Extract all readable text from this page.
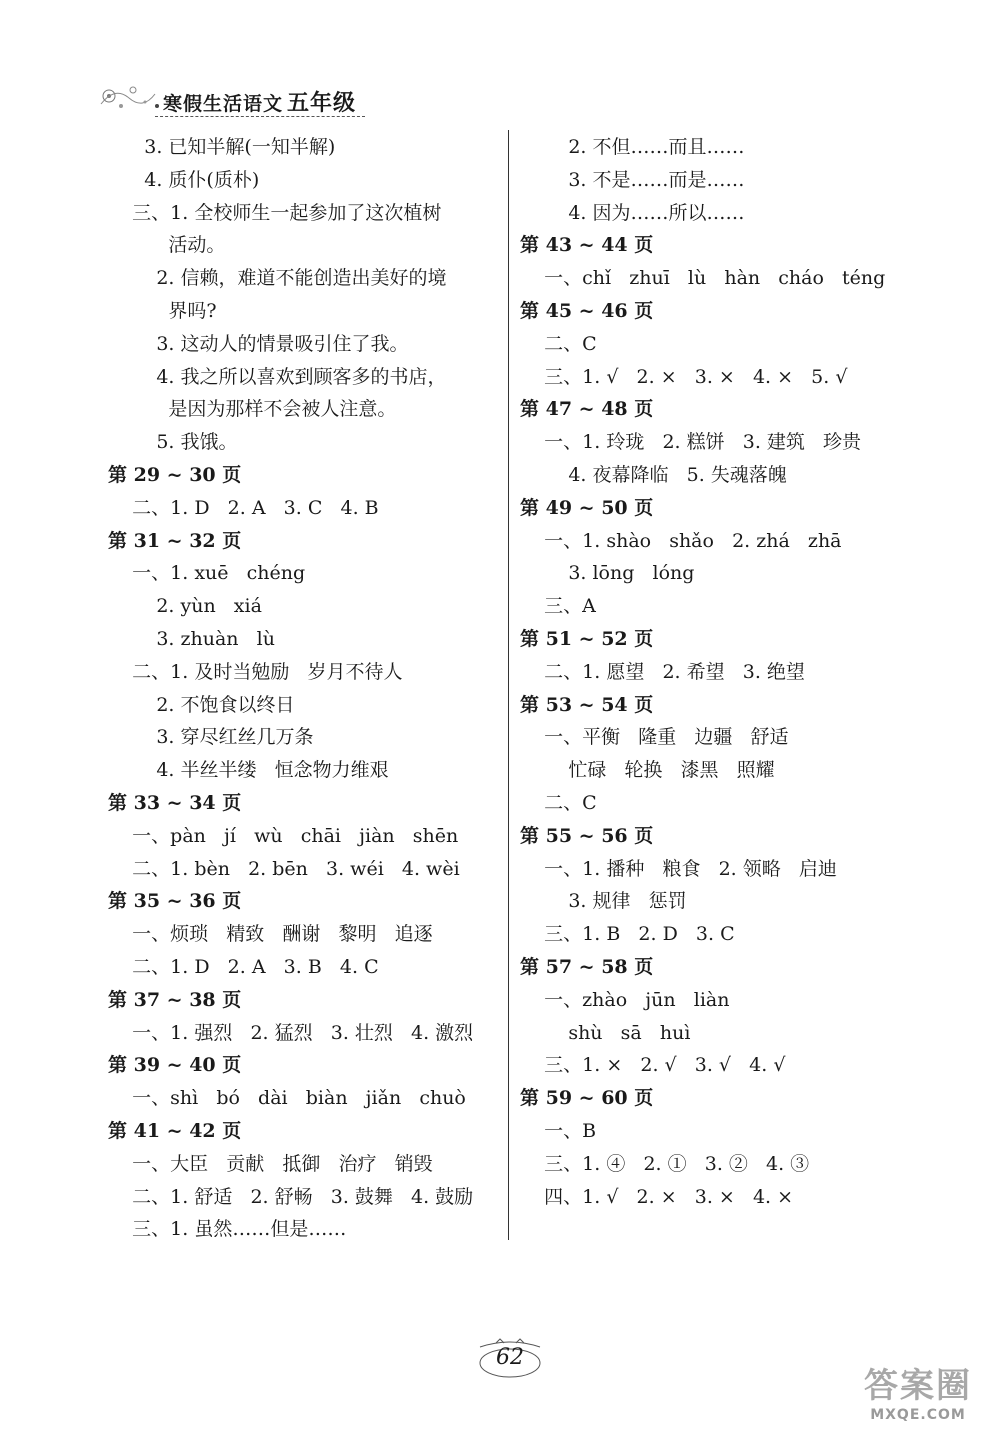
寒假生活语文 五年级
3. 已知半解(一知半解)
4. 质仆(质朴)
三、1. 全校师生一起参加了这次植树
活动。
2. 信赖，难道不能创造出美好的境
界吗?
3. 这动人的情景吸引住了我。
4. 我之所以喜欢到顾客多的书店，
是因为那样不会被人注意。
5. 我饿。
第 29 ~ 30 页
二、1. D   2. A   3. C   4. B
第 31 ~ 32 页
一、1. xuē   chéng
2. yùn   xiá
3. zhuàn   lù
二、1. 及时当勉励   岁月不待人
2. 不饱食以终日
3. 穿尽红丝几万条
4. 半丝半缕   恒念物力维艰
第 33 ~ 34 页
一、pàn   jí   wù   chāi   jiàn   shēn
二、1. bèn   2. bēn   3. wéi   4. wèi
第 35 ~ 36 页
一、烦琐   精致   酬谢   黎明   追逐
二、1. D   2. A   3. B   4. C
第 37 ~ 38 页
一、1. 强烈   2. 猛烈   3. 壮烈   4. 激烈
第 39 ~ 40 页
一、shì   bó   dài   biàn   jiǎn   chuò
第 41 ~ 42 页
一、大臣   贡献   抵御   治疗   销毁
二、1. 舒适   2. 舒畅   3. 鼓舞   4. 鼓励
三、1. 虽然……但是……
2. 不但……而且……
3. 不是……而是……
4. 因为……所以……
第 43 ~ 44 页
一、chǐ   zhuī   lù   hàn   cháo   téng
第 45 ~ 46 页
二、C
三、1. √   2. ×   3. ×   4. ×   5. √
第 47 ~ 48 页
一、1. 玲珑   2. 糕饼   3. 建筑   珍贵
4. 夜幕降临   5. 失魂落魄
第 49 ~ 50 页
一、1. shào   shǎo   2. zhá   zhā
3. lōng   lóng
三、A
第 51 ~ 52 页
二、1. 愿望   2. 希望   3. 绝望
第 53 ~ 54 页
一、平衡   隆重   边疆   舒适
忙碌   轮换   漆黑   照耀
二、C
第 55 ~ 56 页
一、1. 播种   粮食   2. 领略   启迪
3. 规律   惩罚
三、1. B   2. D   3. C
第 57 ~ 58 页
一、zhào   jūn   liàn
shù   sā   huì
三、1. ×   2. √   3. √   4. √
第 59 ~ 60 页
一、B
三、1. ④   2. ①   3. ②   4. ③
四、1. √   2. ×   3. ×   4. ×
62
答案圈
MXQE.COM
